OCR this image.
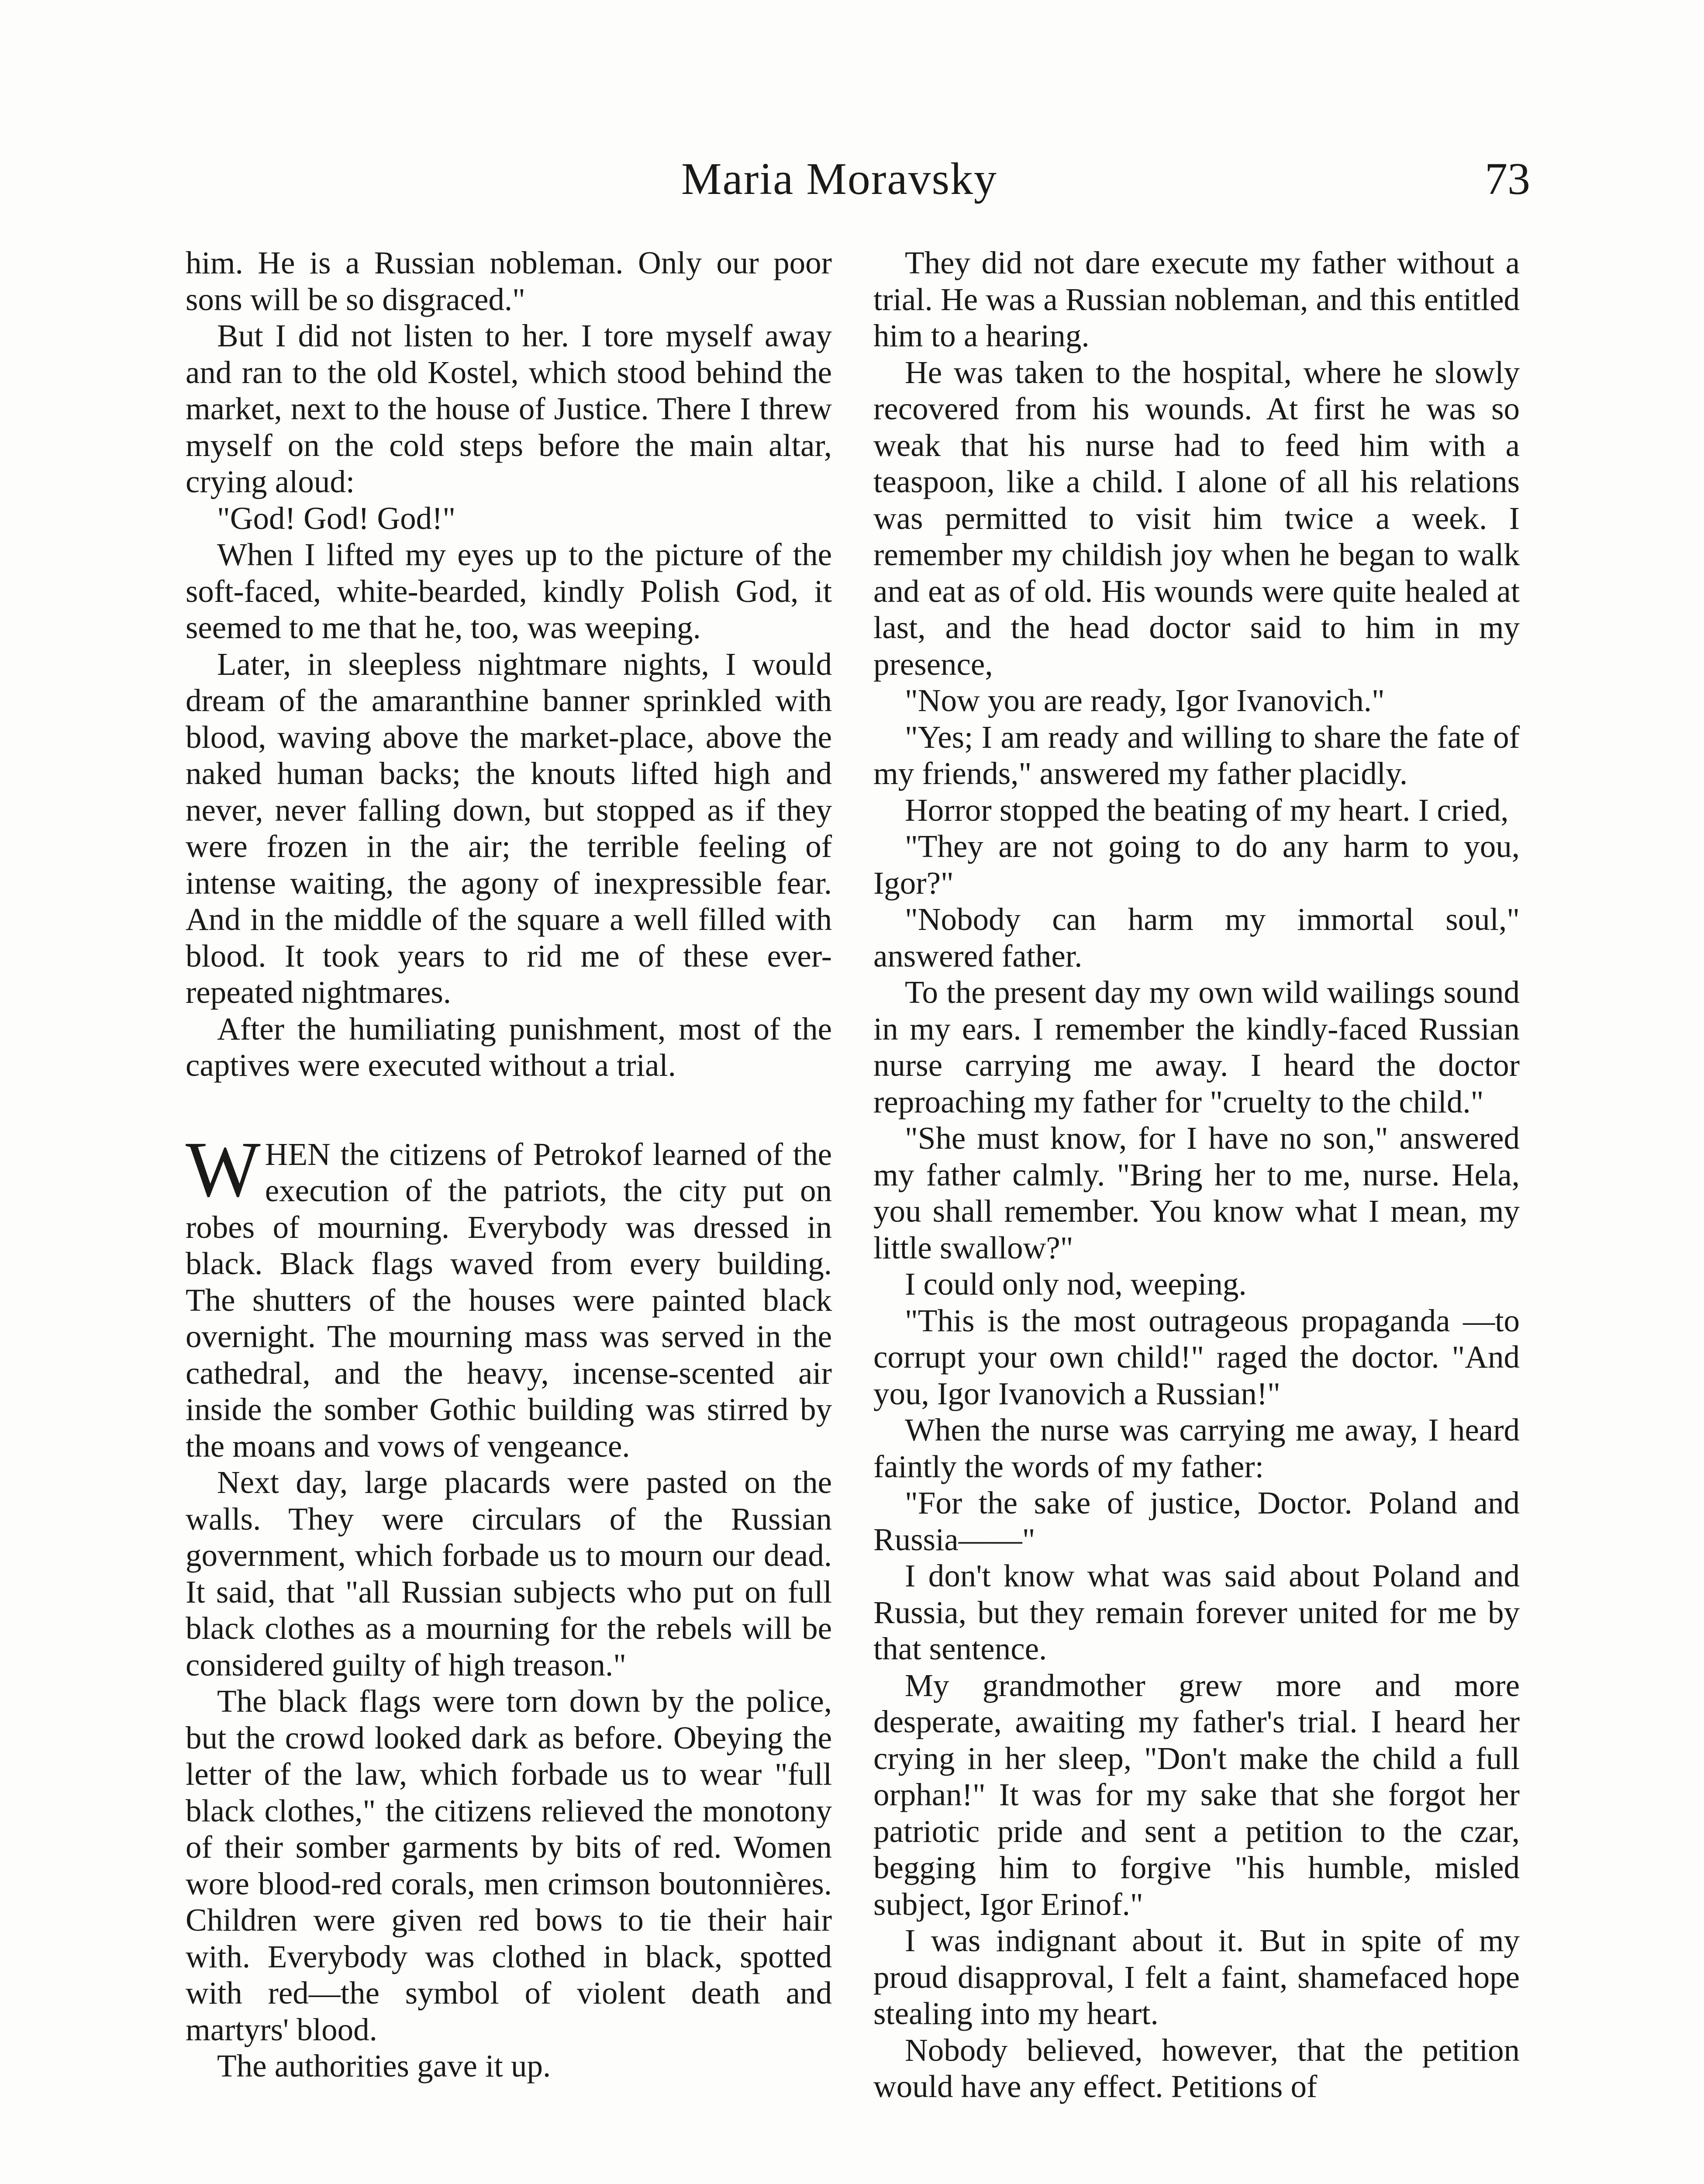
Maria Moravsky	73

him. He is a Russian nobleman. Only our poor sons will be so disgraced."

But I did not listen to her. I tore myself away and ran to the old Kostel, which stood behind the market, next to the house of Justice. There I threw myself on the cold steps before the main altar, crying aloud:

"God! God! God!"

When I lifted my eyes up to the picture of the soft-faced, white-bearded, kindly Polish God, it seemed to me that he, too, was weeping.

Later, in sleepless nightmare nights, I would dream of the amaranthine banner sprinkled with blood, waving above the market-place, above the naked human backs; the knouts lifted high and never, never falling down, but stopped as if they were frozen in the air; the terrible feeling of intense waiting, the agony of inexpressible fear. And in the middle of the square a well filled with blood. It took years to rid me of these ever-repeated nightmares.

After the humiliating punishment, most of the captives were executed without a trial.

WHEN the citizens of Petrokof learned of the execution of the patriots, the city put on robes of mourning. Everybody was dressed in black. Black flags waved from every building. The shutters of the houses were painted black overnight. The mourning mass was served in the cathedral, and the heavy, incense-scented air inside the somber Gothic building was stirred by the moans and vows of vengeance.

Next day, large placards were pasted on the walls. They were circulars of the Russian government, which forbade us to mourn our dead. It said, that "all Russian subjects who put on full black clothes as a mourning for the rebels will be considered guilty of high treason."

The black flags were torn down by the police, but the crowd looked dark as before. Obeying the letter of the law, which forbade us to wear "full black clothes," the citizens relieved the monotony of their somber garments by bits of red. Women wore blood-red corals, men crimson boutonnières. Children were given red bows to tie their hair with. Everybody was clothed in black, spotted with red—the symbol of violent death and martyrs' blood.

The authorities gave it up.

They did not dare execute my father without a trial. He was a Russian nobleman, and this entitled him to a hearing.

He was taken to the hospital, where he slowly recovered from his wounds. At first he was so weak that his nurse had to feed him with a teaspoon, like a child. I alone of all his relations was permitted to visit him twice a week. I remember my childish joy when he began to walk and eat as of old. His wounds were quite healed at last, and the head doctor said to him in my presence,

"Now you are ready, Igor Ivanovich."

"Yes; I am ready and willing to share the fate of my friends," answered my father placidly.

Horror stopped the beating of my heart. I cried,

"They are not going to do any harm to you, Igor?"

"Nobody can harm my immortal soul," answered father.

To the present day my own wild wailings sound in my ears. I remember the kindly-faced Russian nurse carrying me away. I heard the doctor reproaching my father for "cruelty to the child."

"She must know, for I have no son," answered my father calmly. "Bring her to me, nurse. Hela, you shall remember. You know what I mean, my little swallow?"

I could only nod, weeping.

"This is the most outrageous propaganda —to corrupt your own child!" raged the doctor. "And you, Igor Ivanovich a Russian!"

When the nurse was carrying me away, I heard faintly the words of my father:

"For the sake of justice, Doctor. Poland and Russia——"

I don't know what was said about Poland and Russia, but they remain forever united for me by that sentence.

My grandmother grew more and more desperate, awaiting my father's trial. I heard her crying in her sleep, "Don't make the child a full orphan!" It was for my sake that she forgot her patriotic pride and sent a petition to the czar, begging him to forgive "his humble, misled subject, Igor Erinof."

I was indignant about it. But in spite of my proud disapproval, I felt a faint, shamefaced hope stealing into my heart.

Nobody believed, however, that the petition would have any effect. Petitions of
